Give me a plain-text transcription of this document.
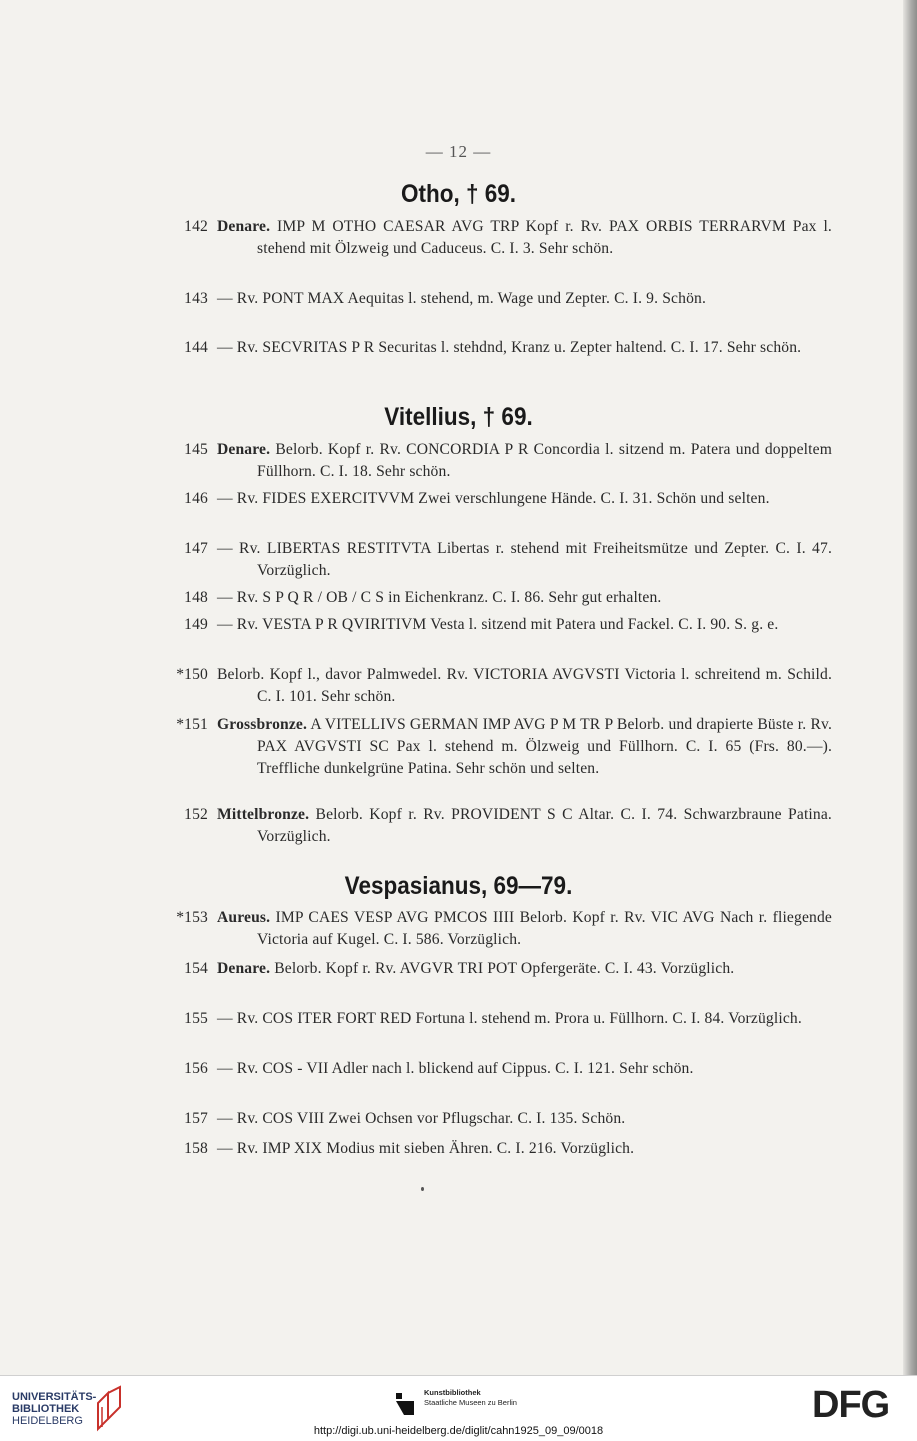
— 12 —
Otho, † 69.
142 Denare. IMP M OTHO CAESAR AVG TRP Kopf r. Rv. PAX ORBIS TERRARVM Pax l. stehend mit Ölzweig und Caduceus. C. I. 3. Sehr schön.
143 — Rv. PONT MAX Aequitas l. stehend, m. Wage und Zepter. C. I. 9. Schön.
144 — Rv. SECVRITAS P R Securitas l. stehdnd, Kranz u. Zepter haltend. C. I. 17. Sehr schön.
Vitellius, † 69.
145 Denare. Belorb. Kopf r. Rv. CONCORDIA P R Concordia l. sitzend m. Patera und doppeltem Füllhorn. C. I. 18. Sehr schön.
146 — Rv. FIDES EXERCITVVM Zwei verschlungene Hände. C. I. 31. Schön und selten.
147 — Rv. LIBERTAS RESTITVTA Libertas r. stehend mit Freiheitsmütze und Zepter. C. I. 47. Vorzüglich.
148 — Rv. S P Q R / OB / C S in Eichenkranz. C. I. 86. Sehr gut erhalten.
149 — Rv. VESTA P R QVIRITIVM Vesta l. sitzend mit Patera und Fackel. C. I. 90. S. g. e.
*150 Belorb. Kopf l., davor Palmwedel. Rv. VICTORIA AVGVSTI Victoria l. schreitend m. Schild. C. I. 101. Sehr schön.
*151 Grossbronze. A VITELLIVS GERMAN IMP AVG P M TR P Belorb. und drapierte Büste r. Rv. PAX AVGVSTI SC Pax l. stehend m. Ölzweig und Füllhorn. C. I. 65 (Frs. 80.—). Treffliche dunkelgrüne Patina. Sehr schön und selten.
152 Mittelbronze. Belorb. Kopf r. Rv. PROVIDENT S C Altar. C. I. 74. Schwarzbraune Patina. Vorzüglich.
Vespasianus, 69—79.
*153 Aureus. IMP CAES VESP AVG PMCOS IIII Belorb. Kopf r. Rv. VIC AVG Nach r. fliegende Victoria auf Kugel. C. I. 586. Vorzüglich.
154 Denare. Belorb. Kopf r. Rv. AVGVR TRI POT Opfergeräte. C. I. 43. Vorzüglich.
155 — Rv. COS ITER FORT RED Fortuna l. stehend m. Prora u. Füllhorn. C. I. 84. Vorzüglich.
156 — Rv. COS - VII Adler nach l. blickend auf Cippus. C. I. 121. Sehr schön.
157 — Rv. COS VIII Zwei Ochsen vor Pflugschar. C. I. 135. Schön.
158 — Rv. IMP XIX Modius mit sieben Ähren. C. I. 216. Vorzüglich.
UNIVERSITÄTS-
BIBLIOTHEK
HEIDELBERG
Kunstbibliothek
Staatliche Museen zu Berlin	DFG
http://digi.ub.uni-heidelberg.de/diglit/cahn1925_09_09/0018
